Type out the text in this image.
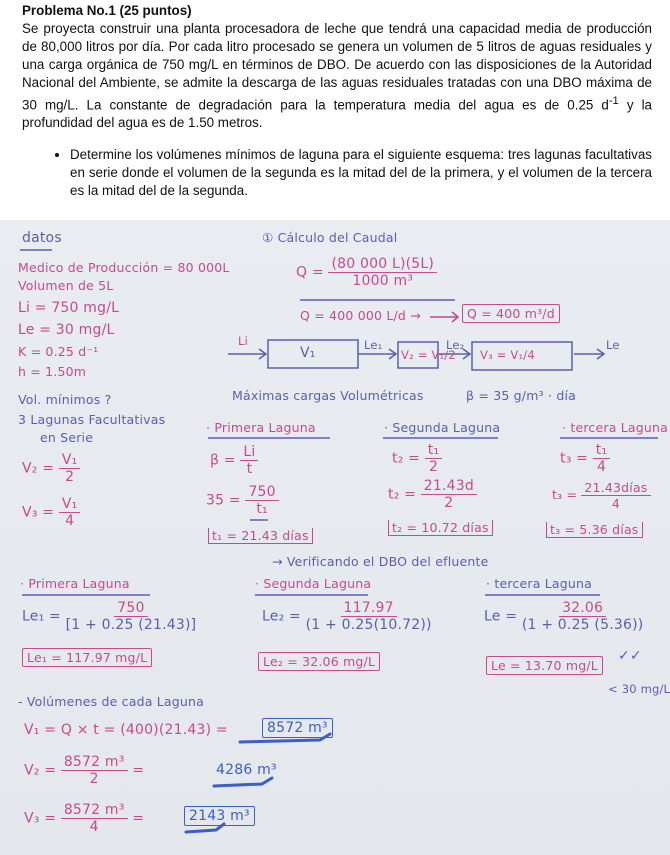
Problema No.1 (25 puntos)

Se proyecta construir una planta procesadora de leche que tendrá una capacidad media de producción de 80,000 litros por día. Por cada litro procesado se genera un volumen de 5 litros de aguas residuales y una carga orgánica de 750 mg/L en términos de DBO. De acuerdo con las disposiciones de la Autoridad Nacional del Ambiente, se admite la descarga de las aguas residuales tratadas con una DBO máxima de 30 mg/L. La constante de degradación para la temperatura media del agua es de 0.25 $d^{-1}$ y la profundidad del agua es de 1.50 metros.

• Determine los volúmenes mínimos de laguna para el siguiente esquema: tres lagunas facultativas en serie donde el volumen de la segunda es la mitad del de la primera, y el volumen de la tercera es la mitad del de la segunda.
datos
Medico de Producción = 80 000L
Volumen de 5L
Li = 750 mg/L
Le = 30 mg/L
K = 0.25 d⁻¹
h = 1.50m
Vol. mínimos ?
3 Lagunas Facultativas
en Serie
$V_2 = \frac{\text{V₁}}{2}$
$V_3 = \frac{\text{V₁}}{4}$
① Cálculo del Caudal
$Q = \frac{(80 000 L)(5L)}{\text{1000 m³}}$
Q = 400 000 L/d →	Q = 400 m³/d
Li
V₁	Le₁
V₂ = V₁/2
Le₂
V₃ = V₁/4
Le
Máximas cargas Volumétricas	β = 35 g/m³ · día
· Primera Laguna
$\beta = \frac{Li}{t}$
$35 = \frac{750}{\text{t₁}}$
t₁ = 21.43 días
· Segunda Laguna
$t_2 = \frac{\text{t₁}}{2}$
$t_2 = \frac{21.43d}{2}$
t₂ = 10.72 días
· tercera Laguna
$t_3 = \frac{\text{t₁}}{4}$
$t_3 = \frac{\text{21.43días}}{4}$
t₃ = 5.36 días
→ Verificando el DBO del efluente
· Primera Laguna
$Le_1 = \frac{750}{[1 + 0.25 (21.43)]}$
Le₁ = 117.97 mg/L
· Segunda Laguna
$Le_2 = \frac{117.97}{(1 + 0.25(10.72))}$
Le₂ = 32.06 mg/L
· tercera Laguna
$Le = \frac{32.06}{(1 + 0.25 (5.36))}$
Le = 13.70 mg/L
✓✓
< 30 mg/L
- Volúmenes de cada Laguna
V₁ = Q × t = (400)(21.43) =	8572 m³
$V_2 = \frac{\text{8572 m³}}{2}$ =	4286 m³
$V_3 = \frac{\text{8572 m³}}{4}$ =	2143 m³
